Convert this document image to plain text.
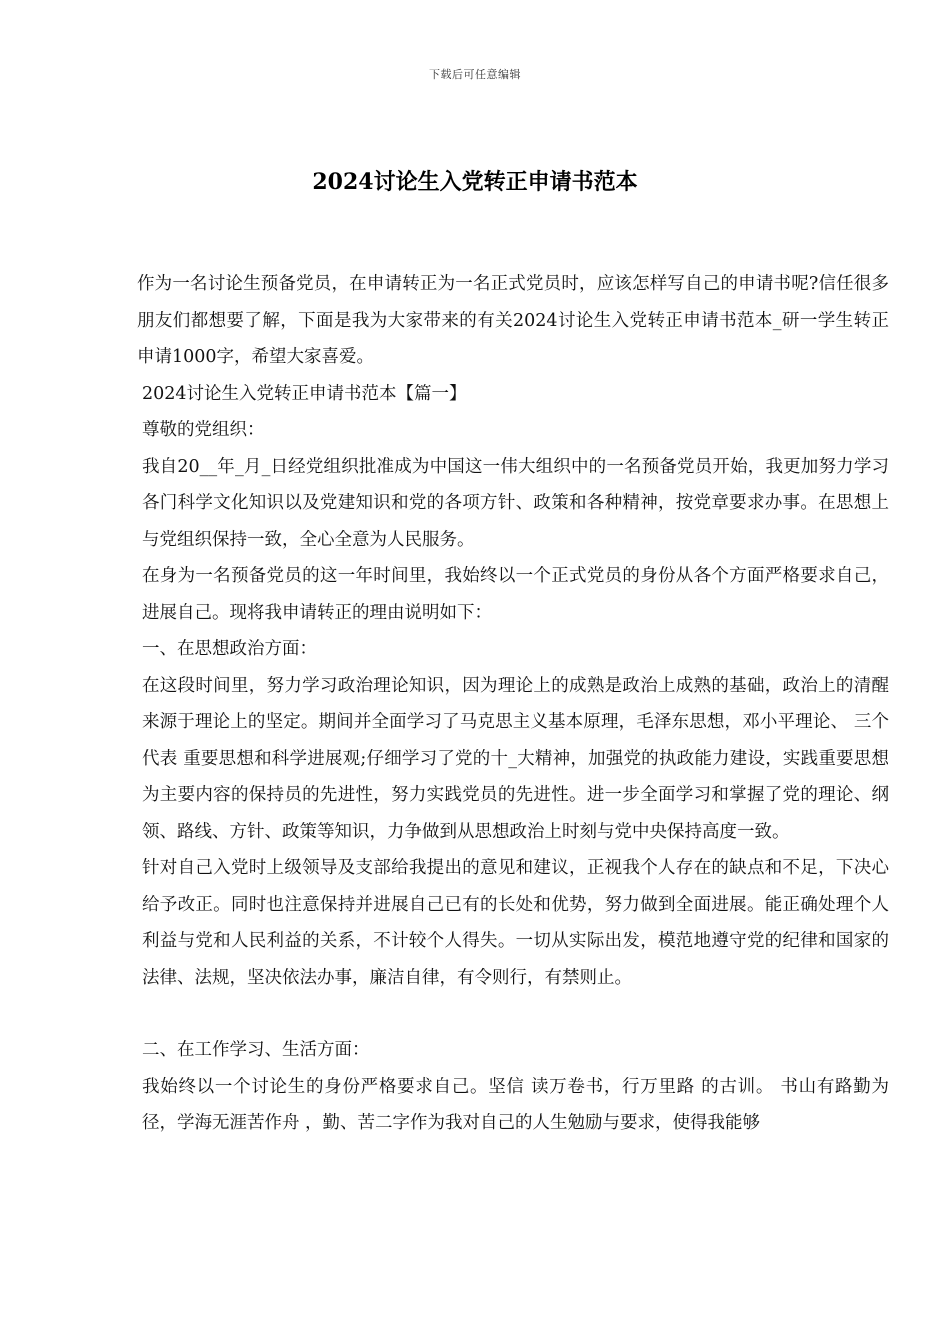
下载后可任意编辑
2024讨论生入党转正申请书范本

作为一名讨论生预备党员，在申请转正为一名正式党员时，应该怎样写自己的申请书呢?信任很多朋友们都想要了解，下面是我为大家带来的有关2024讨论生入党转正申请书范本_研一学生转正申请1000字，希望大家喜爱。

2024讨论生入党转正申请书范本【篇一】

尊敬的党组织：

我自20__年_月_日经党组织批准成为中国这一伟大组织中的一名预备党员开始，我更加努力学习各门科学文化知识以及党建知识和党的各项方针、政策和各种精神，按党章要求办事。在思想上与党组织保持一致，全心全意为人民服务。

在身为一名预备党员的这一年时间里，我始终以一个正式党员的身份从各个方面严格要求自己，进展自己。现将我申请转正的理由说明如下：

一、在思想政治方面：

在这段时间里，努力学习政治理论知识，因为理论上的成熟是政治上成熟的基础，政治上的清醒来源于理论上的坚定。期间并全面学习了马克思主义基本原理，毛泽东思想，邓小平理论、 三个代表 重要思想和科学进展观;仔细学习了党的十_大精神，加强党的执政能力建设，实践重要思想为主要内容的保持员的先进性，努力实践党员的先进性。进一步全面学习和掌握了党的理论、纲领、路线、方针、政策等知识，力争做到从思想政治上时刻与党中央保持高度一致。

针对自己入党时上级领导及支部给我提出的意见和建议，正视我个人存在的缺点和不足，下决心给予改正。同时也注意保持并进展自己已有的长处和优势，努力做到全面进展。能正确处理个人利益与党和人民利益的关系，不计较个人得失。一切从实际出发，模范地遵守党的纪律和国家的法律、法规，坚决依法办事，廉洁自律，有令则行，有禁则止。

二、在工作学习、生活方面：

我始终以一个讨论生的身份严格要求自己。坚信 读万卷书，行万里路 的古训。 书山有路勤为径，学海无涯苦作舟 ，勤、苦二字作为我对自己的人生勉励与要求，使得我能够
